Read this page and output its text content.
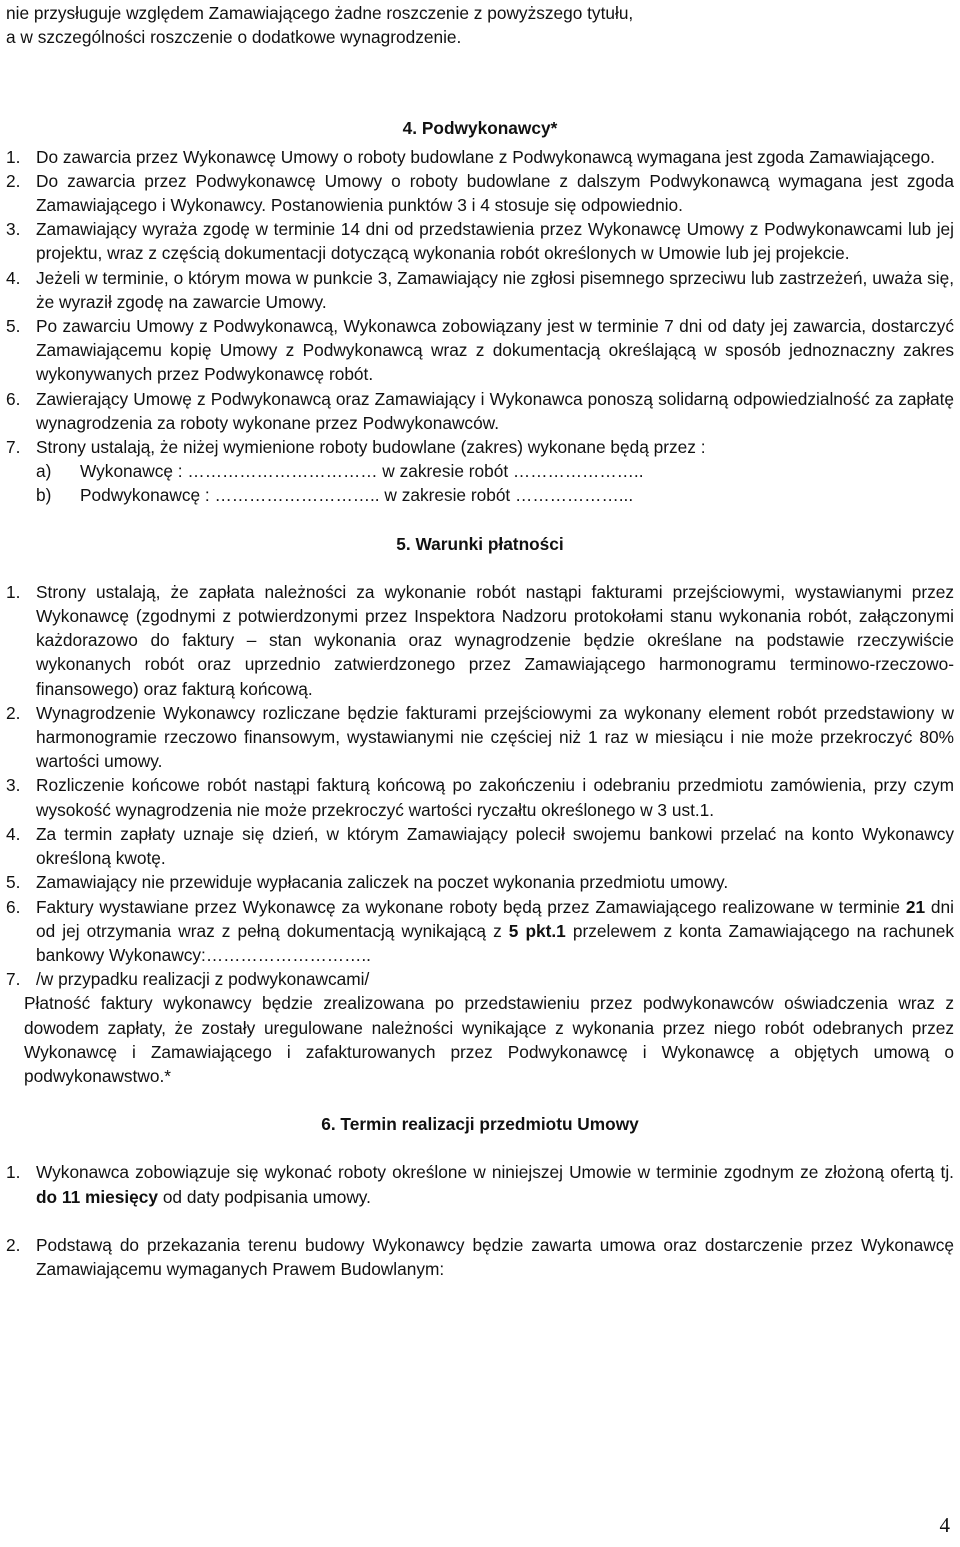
nie przysługuje względem Zamawiającego żadne roszczenie z powyższego tytułu,
a w szczególności roszczenie o dodatkowe wynagrodzenie.
4. Podwykonawcy*
1. Do zawarcia przez Wykonawcę Umowy o roboty budowlane z Podwykonawcą wymagana jest zgoda Zamawiającego.
2. Do zawarcia przez Podwykonawcę Umowy o roboty budowlane z dalszym Podwykonawcą wymagana jest zgoda Zamawiającego i Wykonawcy. Postanowienia punktów 3 i 4 stosuje się odpowiednio.
3. Zamawiający wyraża zgodę w terminie 14 dni od przedstawienia przez Wykonawcę Umowy z Podwykonawcami lub jej projektu, wraz z częścią dokumentacji dotyczącą wykonania robót określonych w Umowie lub jej projekcie.
4. Jeżeli w terminie, o którym mowa w punkcie 3, Zamawiający nie zgłosi pisemnego sprzeciwu lub zastrzeżeń, uważa się, że wyraził zgodę na zawarcie Umowy.
5. Po zawarciu Umowy z Podwykonawcą, Wykonawca zobowiązany jest w terminie 7 dni od daty jej zawarcia, dostarczyć Zamawiającemu kopię Umowy z Podwykonawcą wraz z dokumentacją określającą w sposób jednoznaczny zakres wykonywanych przez Podwykonawcę robót.
6. Zawierający Umowę z Podwykonawcą oraz Zamawiający i Wykonawca ponoszą solidarną odpowiedzialność za zapłatę wynagrodzenia za roboty wykonane przez Podwykonawców.
7. Strony ustalają, że niżej wymienione roboty budowlane (zakres) wykonane będą przez :
a)	Wykonawcę : …………………………… w zakresie robót …………………..
b)	Podwykonawcę : ……………………….. w zakresie robót ………………...
5. Warunki płatności
1. Strony ustalają, że zapłata należności za wykonanie robót nastąpi fakturami przejściowymi, wystawianymi przez Wykonawcę (zgodnymi z potwierdzonymi przez Inspektora Nadzoru protokołami stanu wykonania robót, załączonymi każdorazowo do faktury – stan wykonania oraz wynagrodzenie będzie określane na podstawie rzeczywiście wykonanych robót oraz uprzednio zatwierdzonego przez Zamawiającego harmonogramu terminowo-rzeczowo-finansowego) oraz fakturą końcową.
2. Wynagrodzenie Wykonawcy rozliczane będzie fakturami przejściowymi za wykonany element robót przedstawiony w harmonogramie rzeczowo finansowym, wystawianymi nie częściej niż 1 raz w miesiącu i nie może przekroczyć 80% wartości umowy.
3. Rozliczenie końcowe robót nastąpi fakturą końcową po zakończeniu i odebraniu przedmiotu zamówienia, przy czym wysokość wynagrodzenia nie może przekroczyć wartości ryczałtu określonego w 3 ust.1.
4. Za termin zapłaty uznaje się dzień, w którym Zamawiający polecił swojemu bankowi przelać na konto Wykonawcy określoną kwotę.
5. Zamawiający nie przewiduje wypłacania zaliczek na poczet wykonania przedmiotu umowy.
6. Faktury wystawiane przez Wykonawcę za wykonane roboty będą przez Zamawiającego realizowane w terminie 21 dni od jej otrzymania wraz z pełną dokumentacją wynikającą z 5 pkt.1 przelewem z konta Zamawiającego na rachunek bankowy Wykonawcy:………………………..
7. /w przypadku realizacji z podwykonawcami/
Płatność faktury wykonawcy będzie zrealizowana po przedstawieniu przez podwykonawców oświadczenia wraz z dowodem zapłaty, że zostały uregulowane należności wynikające z wykonania przez niego robót odebranych przez Wykonawcę i Zamawiającego i zafakturowanych przez Podwykonawcę i Wykonawcę a objętych umową o podwykonawstwo.*
6. Termin realizacji przedmiotu Umowy
1. Wykonawca zobowiązuje się wykonać roboty określone w niniejszej Umowie w terminie zgodnym ze złożoną ofertą tj. do 11 miesięcy od daty podpisania umowy.
2. Podstawą do przekazania terenu budowy Wykonawcy będzie zawarta umowa oraz dostarczenie przez Wykonawcę Zamawiającemu wymaganych Prawem Budowlanym:
4
